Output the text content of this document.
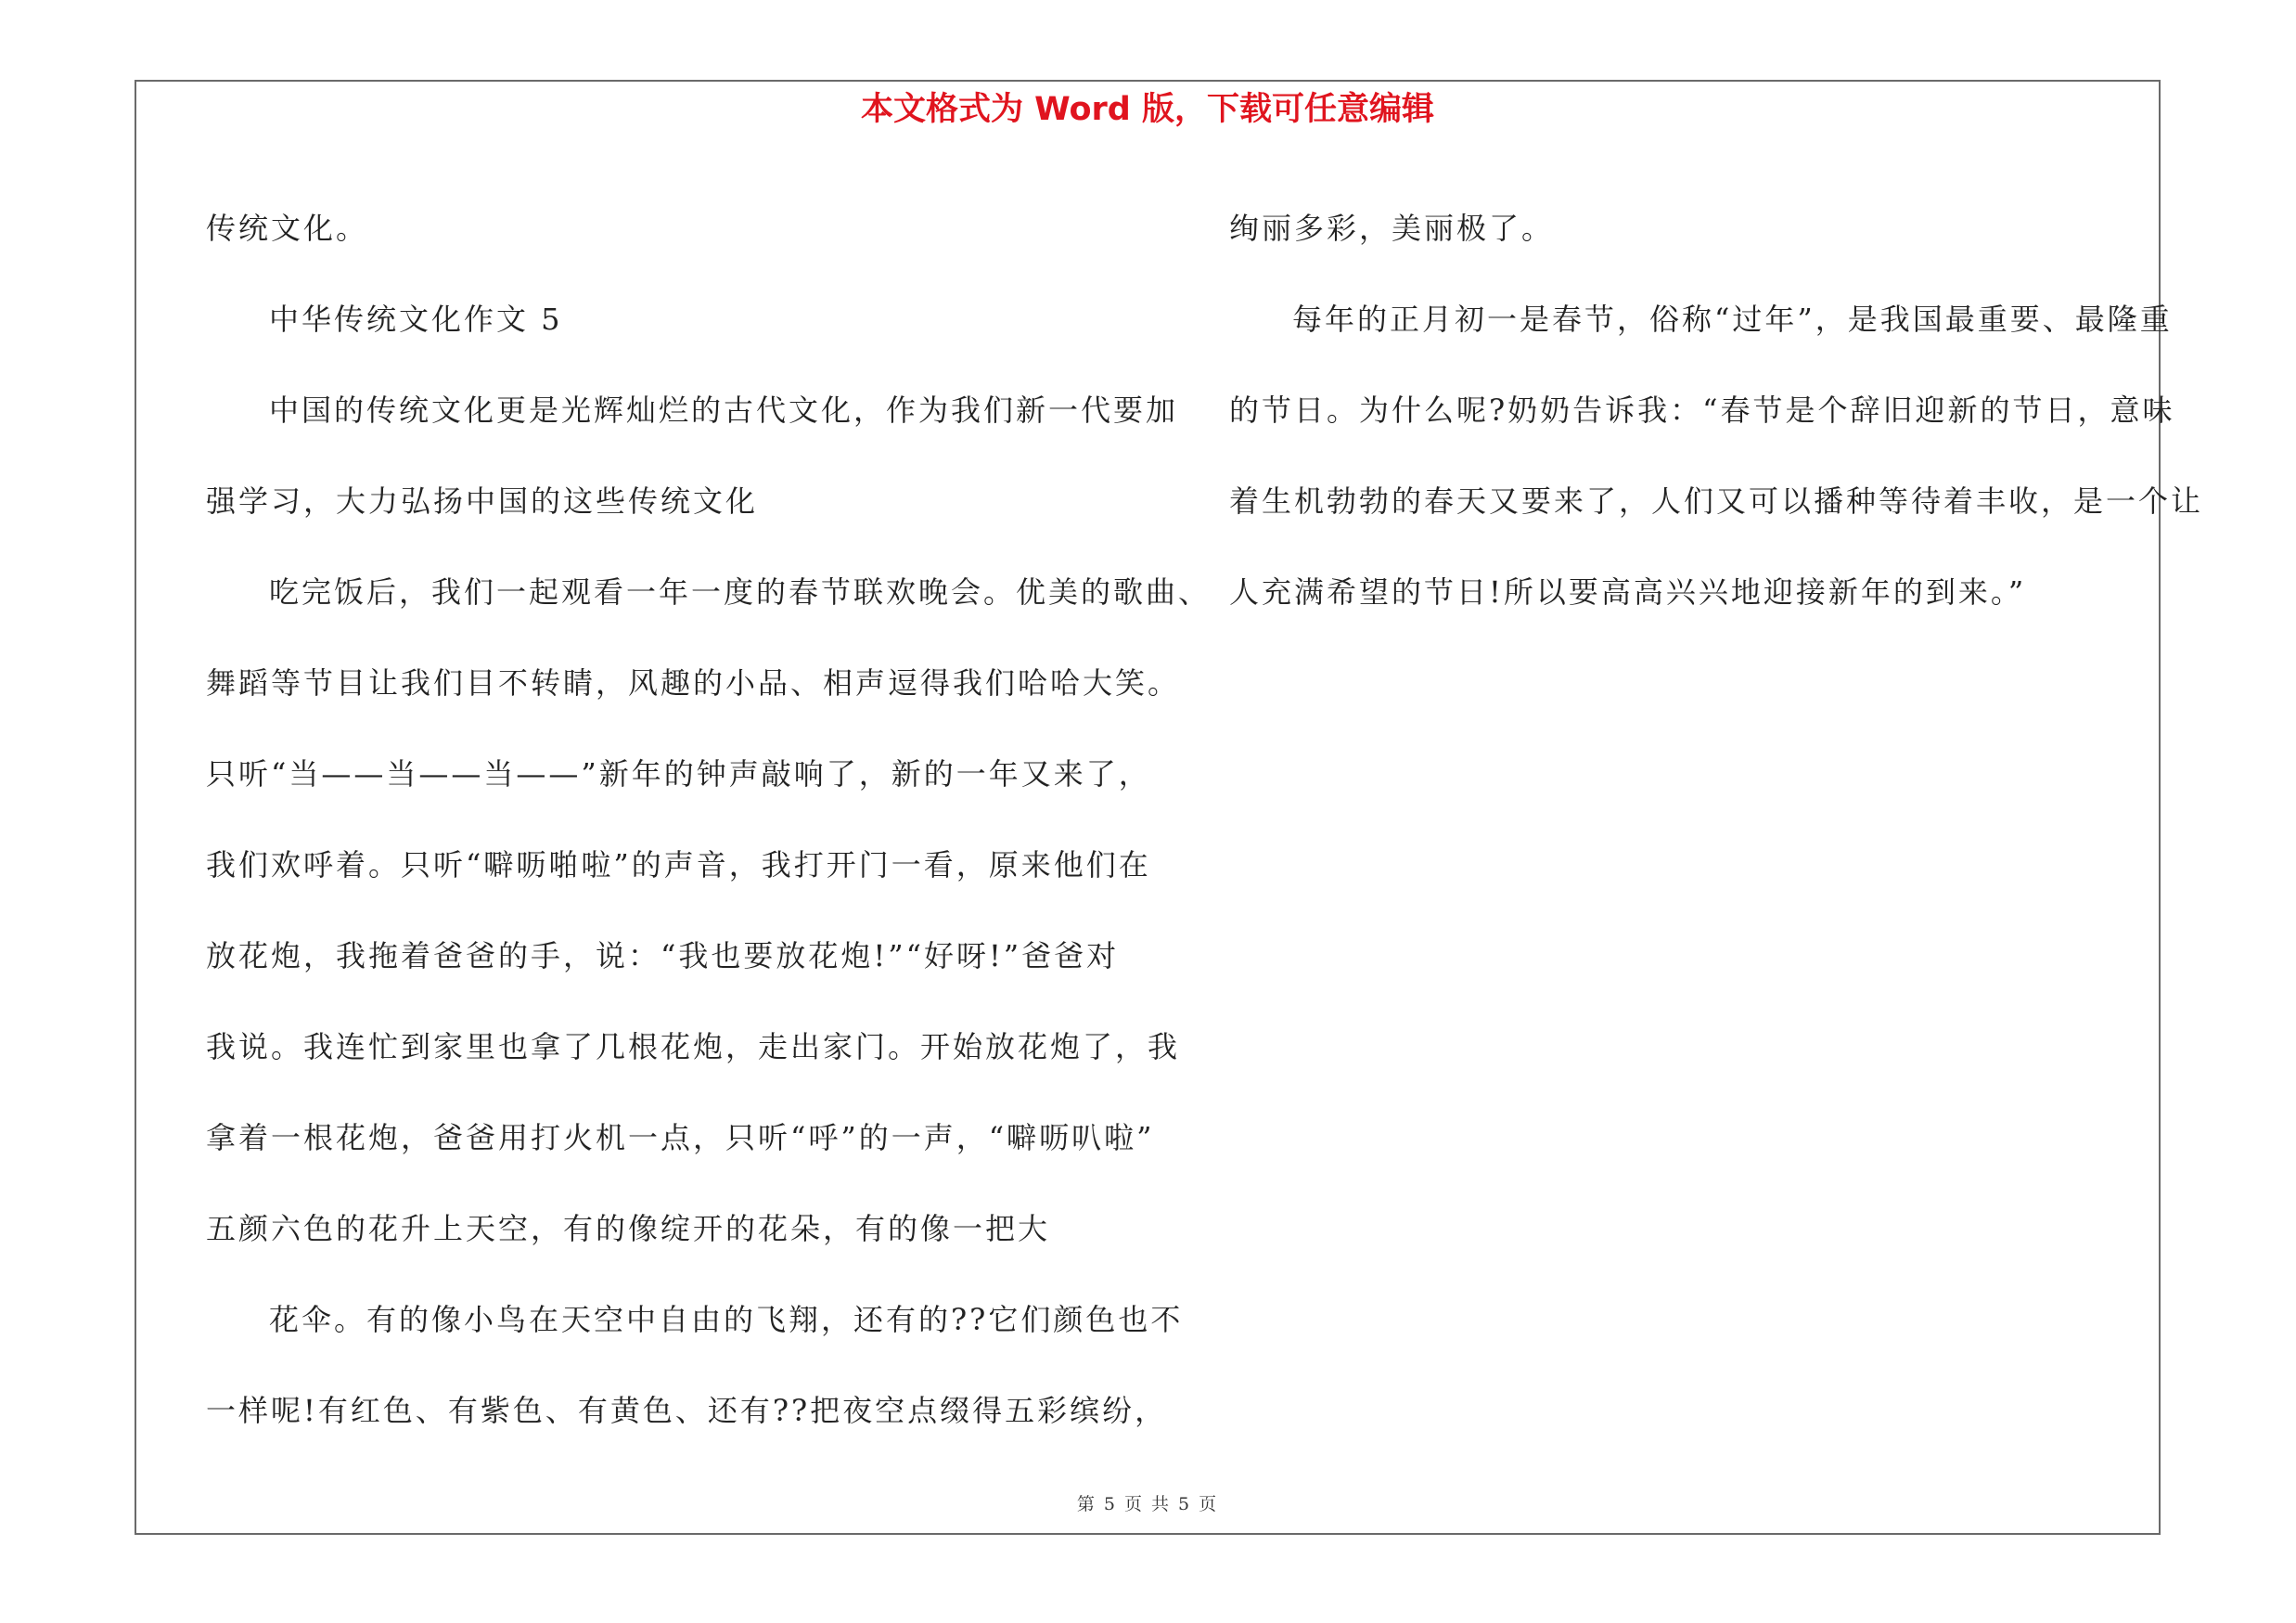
本文格式为 Word 版，下载可任意编辑

传统文化。

中华传统文化作文 5

中国的传统文化更是光辉灿烂的古代文化，作为我们新一代要加

强学习，大力弘扬中国的这些传统文化

吃完饭后，我们一起观看一年一度的春节联欢晚会。优美的歌曲、

舞蹈等节目让我们目不转睛，风趣的小品、相声逗得我们哈哈大笑。

只听“当——当——当——”新年的钟声敲响了，新的一年又来了，

我们欢呼着。只听“噼呖啪啦”的声音，我打开门一看，原来他们在

放花炮，我拖着爸爸的手，说：“我也要放花炮!”“好呀!”爸爸对

我说。我连忙到家里也拿了几根花炮，走出家门。开始放花炮了，我

拿着一根花炮，爸爸用打火机一点，只听“呼”的一声，“噼呖叭啦”

五颜六色的花升上天空，有的像绽开的花朵，有的像一把大

花伞。有的像小鸟在天空中自由的飞翔，还有的??它们颜色也不

一样呢!有红色、有紫色、有黄色、还有??把夜空点缀得五彩缤纷，

绚丽多彩，美丽极了。

每年的正月初一是春节，俗称“过年”，是我国最重要、最隆重

的节日。为什么呢?奶奶告诉我：“春节是个辞旧迎新的节日，意味

着生机勃勃的春天又要来了，人们又可以播种等待着丰收，是一个让

人充满希望的节日!所以要高高兴兴地迎接新年的到来。”

第 5 页 共 5 页
